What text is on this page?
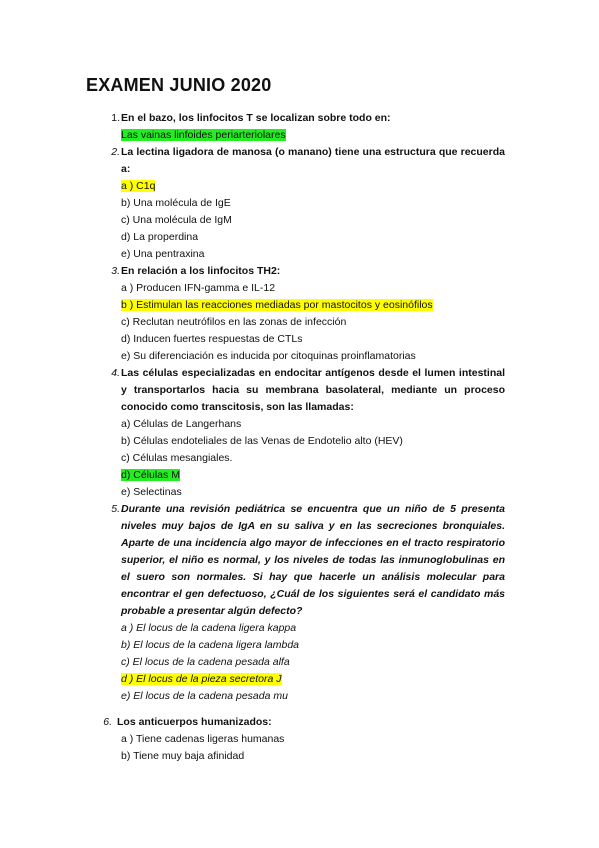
EXAMEN JUNIO 2020
1. En el bazo, los linfocitos T se localizan sobre todo en:
Las vainas linfoides periarteriolares
2. La lectina ligadora de manosa (o manano) tiene una estructura que recuerda a:
a ) C1q
b) Una molécula de IgE
c) Una molécula de IgM
d) La properdina
e) Una pentraxina
3. En relación a los linfocitos TH2:
a ) Producen IFN-gamma e IL-12
b ) Estimulan las reacciones mediadas por mastocitos y eosinófilos
c) Reclutan neutrófilos en las zonas de infección
d) Inducen fuertes respuestas de CTLs
e) Su diferenciación es inducida por citoquinas proinflamatorias
4. Las células especializadas en endocitar antígenos desde el lumen intestinal y transportarlos hacia su membrana basolateral, mediante un proceso conocido como transcitosis, son las llamadas:
a) Células de Langerhans
b) Células endoteliales de las Venas de Endotelio alto (HEV)
c) Células mesangiales.
d) Células M
e) Selectinas
5. Durante una revisión pediátrica se encuentra que un niño de 5 presenta niveles muy bajos de IgA en su saliva y en las secreciones bronquiales. Aparte de una incidencia algo mayor de infecciones en el tracto respiratorio superior, el niño es normal, y los niveles de todas las inmunoglobulinas en el suero son normales. Si hay que hacerle un análisis molecular para encontrar el gen defectuoso, ¿Cuál de los siguientes será el candidato más probable a presentar algún defecto?
a ) El locus de la cadena ligera kappa
b) El locus de la cadena ligera lambda
c) El locus de la cadena pesada alfa
d ) El locus de la pieza secretora J
e) El locus de la cadena pesada mu
6. Los anticuerpos humanizados:
a ) Tiene cadenas ligeras humanas
b) Tiene muy baja afinidad
